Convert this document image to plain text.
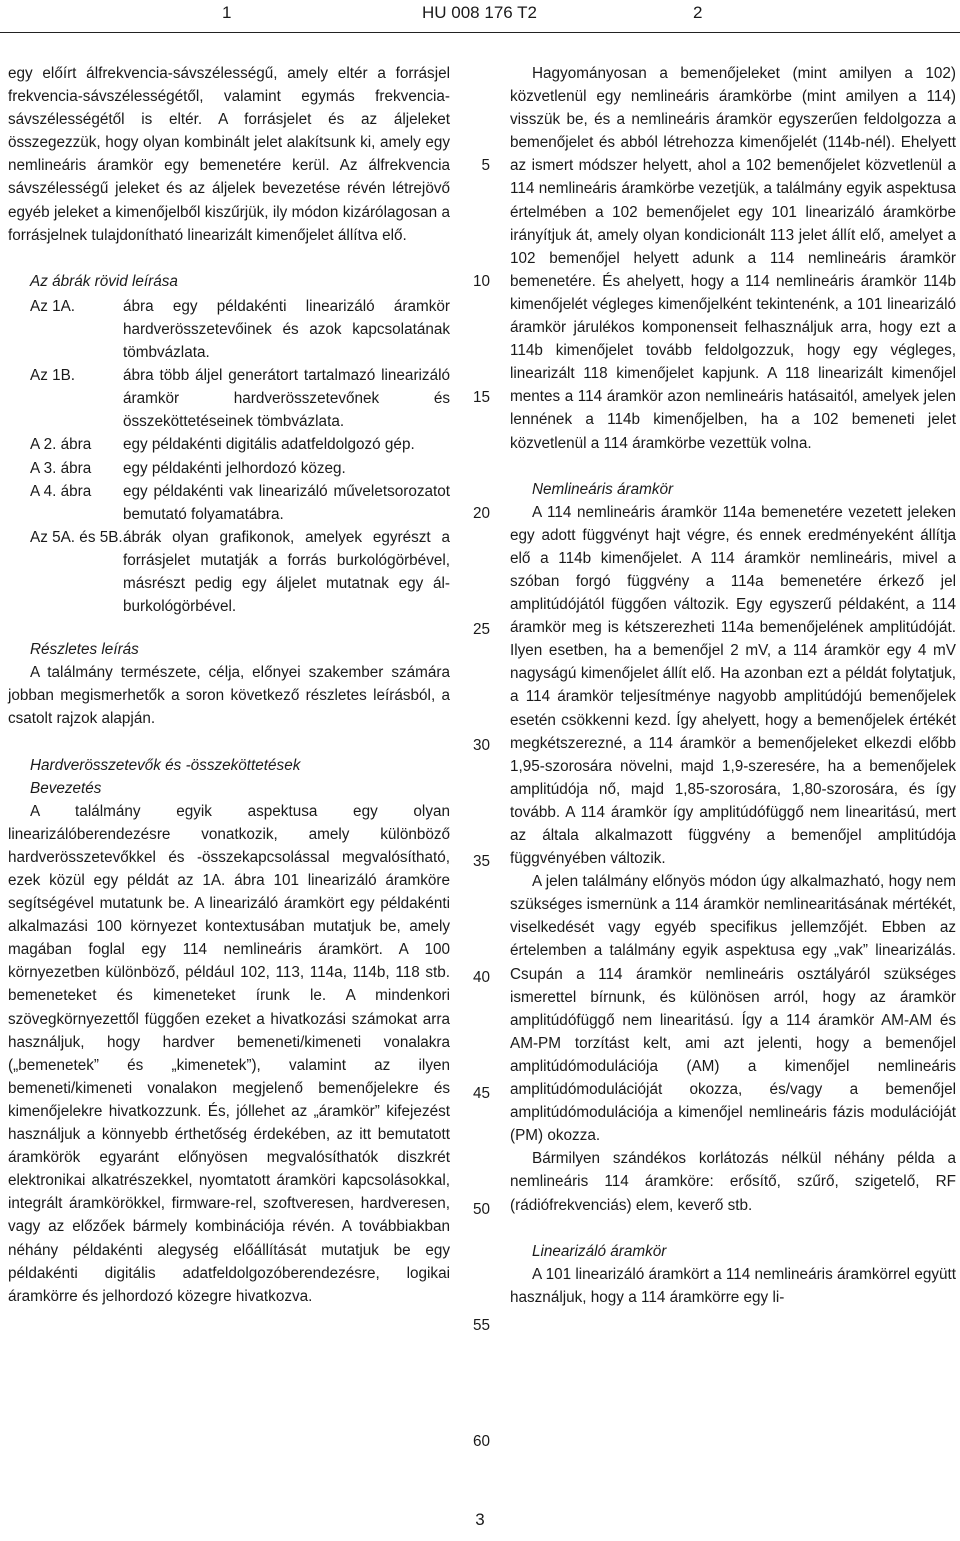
1	HU 008 176 T2	2

egy előírt álfrekvencia-sávszélességű, amely eltér a forrásjel frekvencia-sávszélességétől, valamint egymás frekvencia-sávszélességétől is eltér. A forrásjelet és az áljeleket összegezzük, hogy olyan kombinált jelet alakítsunk ki, amely egy nemlineáris áramkör egy bemenetére kerül. Az álfrekvencia sávszélességű jeleket és az áljelek bevezetése révén létrejövő egyéb jeleket a kimenőjelből kiszűrjük, ily módon kizárólagosan a forrásjelnek tulajdonítható linearizált kimenőjelet állítva elő.

Az ábrák rövid leírása

Az 1A.	ábra egy példakénti linearizáló áramkör hardverösszetevőinek és azok kapcsolatának tömbvázlata.
Az 1B.	ábra több áljel generátort tartalmazó linearizáló áramkör hardverösszetevőnek és összeköttetéseinek tömbvázlata.
A 2. ábra	egy példakénti digitális adatfeldolgozó gép.
A 3. ábra	egy példakénti jelhordozó közeg.
A 4. ábra	egy példakénti vak linearizáló műveletsorozatot bemutató folyamatábra.
Az 5A. és 5B. ábrák olyan grafikonok, amelyek egyrészt a forrásjelet mutatják a forrás burkológörbével, másrészt pedig egy áljelet mutatnak egy ál-burkológörbével.

Részletes leírás

A találmány természete, célja, előnyei szakember számára jobban megismerhetők a soron következő részletes leírásból, a csatolt rajzok alapján.

Hardverösszetevők és -összeköttetések

Bevezetés

A találmány egyik aspektusa egy olyan linearizálóberendezésre vonatkozik, amely különböző hardverösszetevőkkel és -összekapcsolással megvalósítható, ezek közül egy példát az 1A. ábra 101 linearizáló áramköre segítségével mutatunk be. A linearizáló áramkört egy példakénti alkalmazási 100 környezet kontextusában mutatjuk be, amely magában foglal egy 114 nemlineáris áramkört. A 100 környezetben különböző, például 102, 113, 114a, 114b, 118 stb. bemeneteket és kimeneteket írunk le. A mindenkori szövegkörnyezettől függően ezeket a hivatkozási számokat arra használjuk, hogy hardver bemeneti/kimeneti vonalakra („bemenetek” és „kimenetek”), valamint az ilyen bemeneti/kimeneti vonalakon megjelenő bemenőjelekre és kimenőjelekre hivatkozzunk. És, jóllehet az „áramkör” kifejezést használjuk a könnyebb érthetőség érdekében, az itt bemutatott áramkörök egyaránt előnyösen megvalósíthatók diszkrét elektronikai alkatrészekkel, nyomtatott áramköri kapcsolásokkal, integrált áramkörökkel, firmware-rel, szoftveresen, hardveresen, vagy az előzőek bármely kombinációja révén. A továbbiakban néhány példakénti alegység előállítását mutatjuk be egy példakénti digitális adatfeldolgozóberendezésre, logikai áramkörre és jelhordozó közegre hivatkozva.

Hagyományosan a bemenőjeleket (mint amilyen a 102) közvetlenül egy nemlineáris áramkörbe (mint amilyen a 114) visszük be, és a nemlineáris áramkör egyszerűen feldolgozza a bemenőjelet és abból létrehozza kimenőjelét (114b-nél). Ehelyett az ismert módszer helyett, ahol a 102 bemenőjelet közvetlenül a 114 nemlineáris áramkörbe vezetjük, a találmány egyik aspektusa értelmében a 102 bemenőjelet egy 101 linearizáló áramkörbe irányítjuk át, amely olyan kondicionált 113 jelet állít elő, amelyet a 102 bemenőjel helyett adunk a 114 nemlineáris áramkör bemenetére. És ahelyett, hogy a 114 nemlineáris áramkör 114b kimenőjelét végleges kimenőjelként tekintenénk, a 101 linearizáló áramkör járulékos komponenseit felhasználjuk arra, hogy ezt a 114b kimenőjelet tovább feldolgozzuk, hogy egy végleges, linearizált 118 kimenőjelet kapjunk. A 118 linearizált kimenőjel mentes a 114 áramkör azon nemlineáris hatásaitól, amelyek jelen lennének a 114b kimenőjelben, ha a 102 bemeneti jelet közvetlenül a 114 áramkörbe vezettük volna.

Nemlineáris áramkör

A 114 nemlineáris áramkör 114a bemenetére vezetett jeleken egy adott függvényt hajt végre, és ennek eredményeként állítja elő a 114b kimenőjelet. A 114 áramkör nemlineáris, mivel a szóban forgó függvény a 114a bemenetére érkező jel amplitúdójától függően változik. Egy egyszerű példaként, a 114 áramkör meg is kétszerezheti 114a bemenőjelének amplitúdóját. Ilyen esetben, ha a bemenőjel 2 mV, a 114 áramkör egy 4 mV nagyságú kimenőjelet állít elő. Ha azonban ezt a példát folytatjuk, a 114 áramkör teljesítménye nagyobb amplitúdójú bemenőjelek esetén csökkenni kezd. Így ahelyett, hogy a bemenőjelek értékét megkétszerezné, a 114 áramkör a bemenőjeleket elkezdi előbb 1,95-szorosára növelni, majd 1,9-szeresére, ha a bemenőjelek amplitúdója nő, majd 1,85-szorosára, 1,80-szorosára, és így tovább. A 114 áramkör így amplitúdófüggő nem linearitású, mert az általa alkalmazott függvény a bemenőjel amplitúdója függvényében változik.

A jelen találmány előnyös módon úgy alkalmazható, hogy nem szükséges ismernünk a 114 áramkör nemlinearitásának mértékét, viselkedését vagy egyéb specifikus jellemzőjét. Ebben az értelemben a találmány egyik aspektusa egy „vak” linearizálás. Csupán a 114 áramkör nemlineáris osztályáról szükséges ismerettel bírnunk, és különösen arról, hogy az áramkör amplitúdófüggő nem linearitású. Így a 114 áramkör AM-AM és AM-PM torzítást kelt, ami azt jelenti, hogy a bemenőjel amplitúdómodulációja (AM) a kimenőjel nemlineáris amplitúdómodulációját okozza, és/vagy a bemenőjel amplitúdómodulációja a kimenőjel nemlineáris fázis modulációját (PM) okozza.

Bármilyen szándékos korlátozás nélkül néhány példa a nemlineáris 114 áramköre: erősítő, szűrő, szigetelő, RF (rádiófrekvenciás) elem, keverő stb.

Linearizáló áramkör

A 101 linearizáló áramkört a 114 nemlineáris áramkörrel együtt használjuk, hogy a 114 áramkörre egy li-

5
10
15
20
25
30
35
40
45
50
55
60
3
